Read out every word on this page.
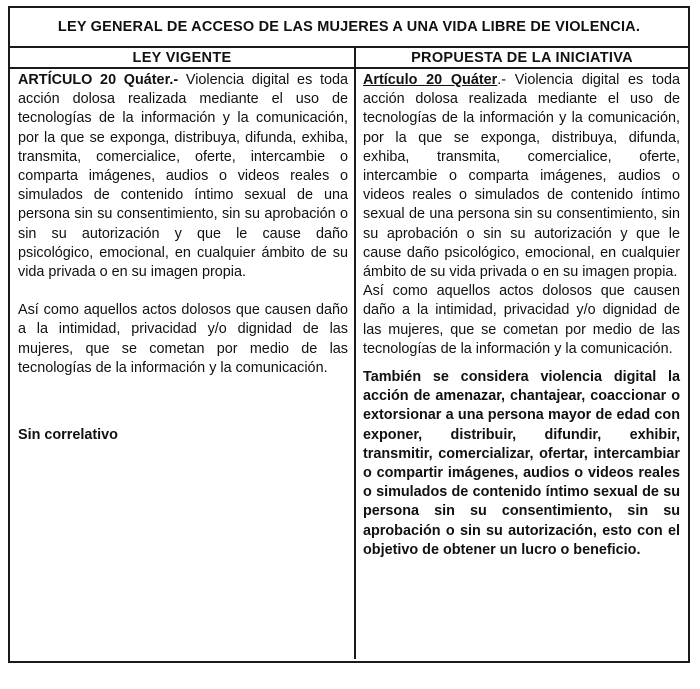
LEY GENERAL DE ACCESO DE LAS MUJERES A UNA VIDA LIBRE DE VIOLENCIA.
LEY VIGENTE	PROPUESTA DE LA INICIATIVA

ARTÍCULO 20 Quáter.- Violencia digital es toda acción dolosa realizada mediante el uso de tecnologías de la información y la comunicación, por la que se exponga, distribuya, difunda, exhiba, transmita, comercialice, oferte, intercambie o comparta imágenes, audios o videos reales o simulados de contenido íntimo sexual de una persona sin su consentimiento, sin su aprobación o sin su autorización y que le cause daño psicológico, emocional, en cualquier ámbito de su vida privada o en su imagen propia.

Así como aquellos actos dolosos que causen daño a la intimidad, privacidad y/o dignidad de las mujeres, que se cometan por medio de las tecnologías de la información y la comunicación.

Sin correlativo

Artículo 20 Quáter.- Violencia digital es toda acción dolosa realizada mediante el uso de tecnologías de la información y la comunicación, por la que se exponga, distribuya, difunda, exhiba, transmita, comercialice, oferte, intercambie o comparta imágenes, audios o videos reales o simulados de contenido íntimo sexual de una persona sin su consentimiento, sin su aprobación o sin su autorización y que le cause daño psicológico, emocional, en cualquier ámbito de su vida privada o en su imagen propia.

Así como aquellos actos dolosos que causen daño a la intimidad, privacidad y/o dignidad de las mujeres, que se cometan por medio de las tecnologías de la información y la comunicación.

También se considera violencia digital la acción de amenazar, chantajear, coaccionar o extorsionar a una persona mayor de edad con exponer, distribuir, difundir, exhibir, transmitir, comercializar, ofertar, intercambiar o compartir imágenes, audios o videos reales o simulados de contenido íntimo sexual de su persona sin su consentimiento, sin su aprobación o sin su autorización, esto con el objetivo de obtener un lucro o beneficio.
